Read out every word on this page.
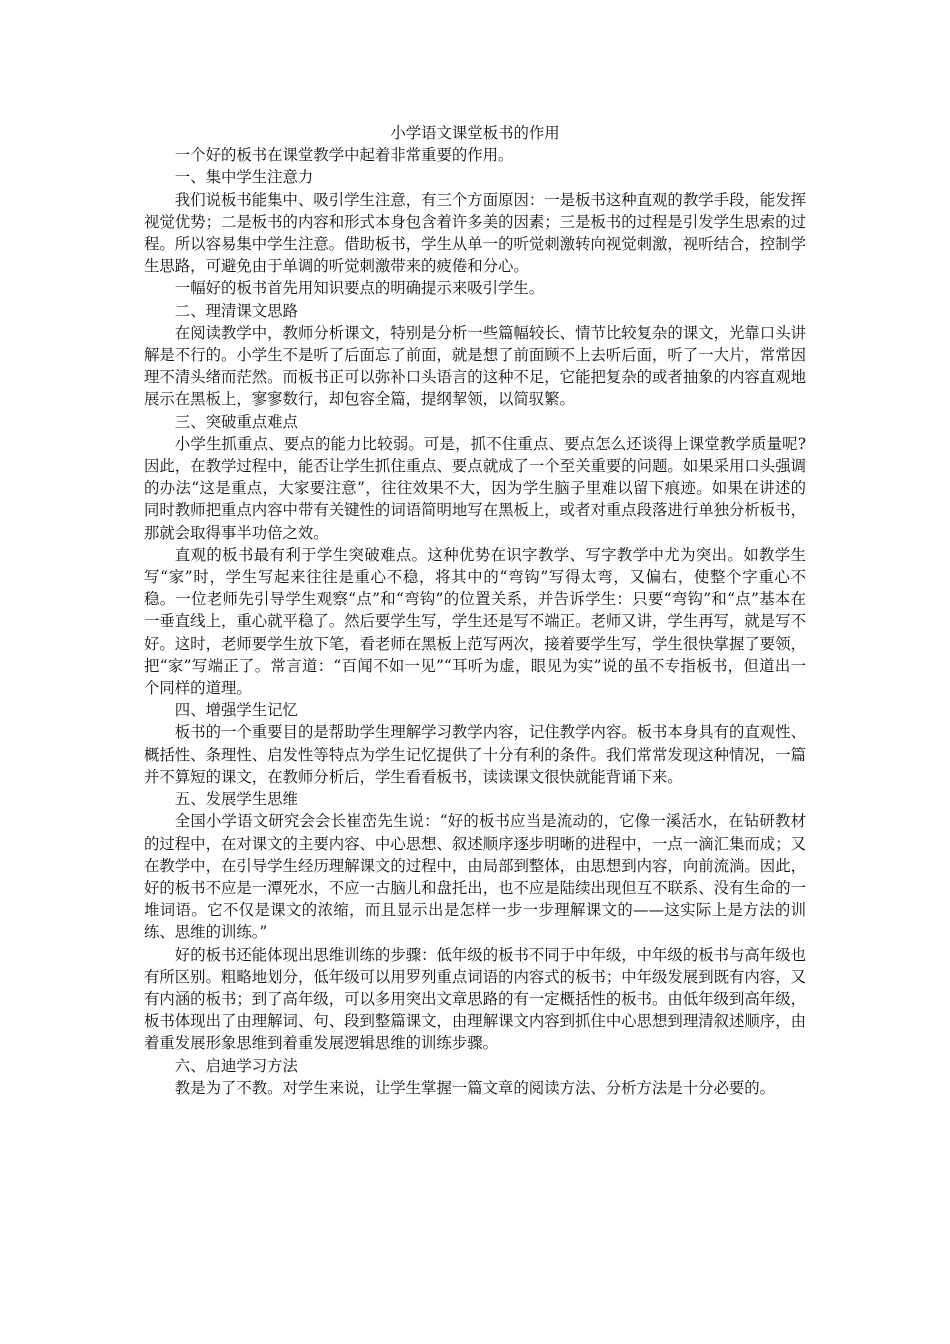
小学语文课堂板书的作用

一个好的板书在课堂教学中起着非常重要的作用。

一、集中学生注意力

我们说板书能集中、吸引学生注意，有三个方面原因：一是板书这种直观的教学手段，能发挥视觉优势；二是板书的内容和形式本身包含着许多美的因素；三是板书的过程是引发学生思索的过程。所以容易集中学生注意。借助板书，学生从单一的听觉刺激转向视觉刺激，视听结合，控制学生思路，可避免由于单调的听觉刺激带来的疲倦和分心。

一幅好的板书首先用知识要点的明确提示来吸引学生。

二、理清课文思路

在阅读教学中，教师分析课文，特别是分析一些篇幅较长、情节比较复杂的课文，光靠口头讲解是不行的。小学生不是听了后面忘了前面，就是想了前面顾不上去听后面，听了一大片，常常因理不清头绪而茫然。而板书正可以弥补口头语言的这种不足，它能把复杂的或者抽象的内容直观地展示在黑板上，寥寥数行，却包容全篇，提纲挈领，以简驭繁。

三、突破重点难点

小学生抓重点、要点的能力比较弱。可是，抓不住重点、要点怎么还谈得上课堂教学质量呢?因此，在教学过程中，能否让学生抓住重点、要点就成了一个至关重要的问题。如果采用口头强调的办法“这是重点，大家要注意”，往往效果不大，因为学生脑子里难以留下痕迹。如果在讲述的同时教师把重点内容中带有关键性的词语简明地写在黑板上，或者对重点段落进行单独分析板书，那就会取得事半功倍之效。

直观的板书最有利于学生突破难点。这种优势在识字教学、写字教学中尤为突出。如教学生写“家”时，学生写起来往往是重心不稳，将其中的“弯钩”写得太弯，又偏右，使整个字重心不稳。一位老师先引导学生观察“点”和“弯钩”的位置关系，并告诉学生：只要“弯钩”和“点”基本在一垂直线上，重心就平稳了。然后要学生写，学生还是写不端正。老师又讲，学生再写，就是写不好。这时，老师要学生放下笔，看老师在黑板上范写两次，接着要学生写，学生很快掌握了要领，把“家”写端正了。常言道：“百闻不如一见”“耳听为虚，眼见为实”说的虽不专指板书，但道出一个同样的道理。

四、增强学生记忆

板书的一个重要目的是帮助学生理解学习教学内容，记住教学内容。板书本身具有的直观性、概括性、条理性、启发性等特点为学生记忆提供了十分有利的条件。我们常常发现这种情况，一篇并不算短的课文，在教师分析后，学生看看板书，读读课文很快就能背诵下来。

五、发展学生思维

全国小学语文研究会会长崔峦先生说：“好的板书应当是流动的，它像一溪活水，在钻研教材的过程中，在对课文的主要内容、中心思想、叙述顺序逐步明晰的进程中，一点一滴汇集而成；又在教学中，在引导学生经历理解课文的过程中，由局部到整体，由思想到内容，向前流淌。因此，好的板书不应是一潭死水，不应一古脑儿和盘托出，也不应是陆续出现但互不联系、没有生命的一堆词语。它不仅是课文的浓缩，而且显示出是怎样一步一步理解课文的——这实际上是方法的训练、思维的训练。”

好的板书还能体现出思维训练的步骤：低年级的板书不同于中年级，中年级的板书与高年级也有所区别。粗略地划分，低年级可以用罗列重点词语的内容式的板书；中年级发展到既有内容，又有内涵的板书；到了高年级，可以多用突出文章思路的有一定概括性的板书。由低年级到高年级，板书体现出了由理解词、句、段到整篇课文，由理解课文内容到抓住中心思想到理清叙述顺序，由着重发展形象思维到着重发展逻辑思维的训练步骤。

六、启迪学习方法

教是为了不教。对学生来说，让学生掌握一篇文章的阅读方法、分析方法是十分必要的。
